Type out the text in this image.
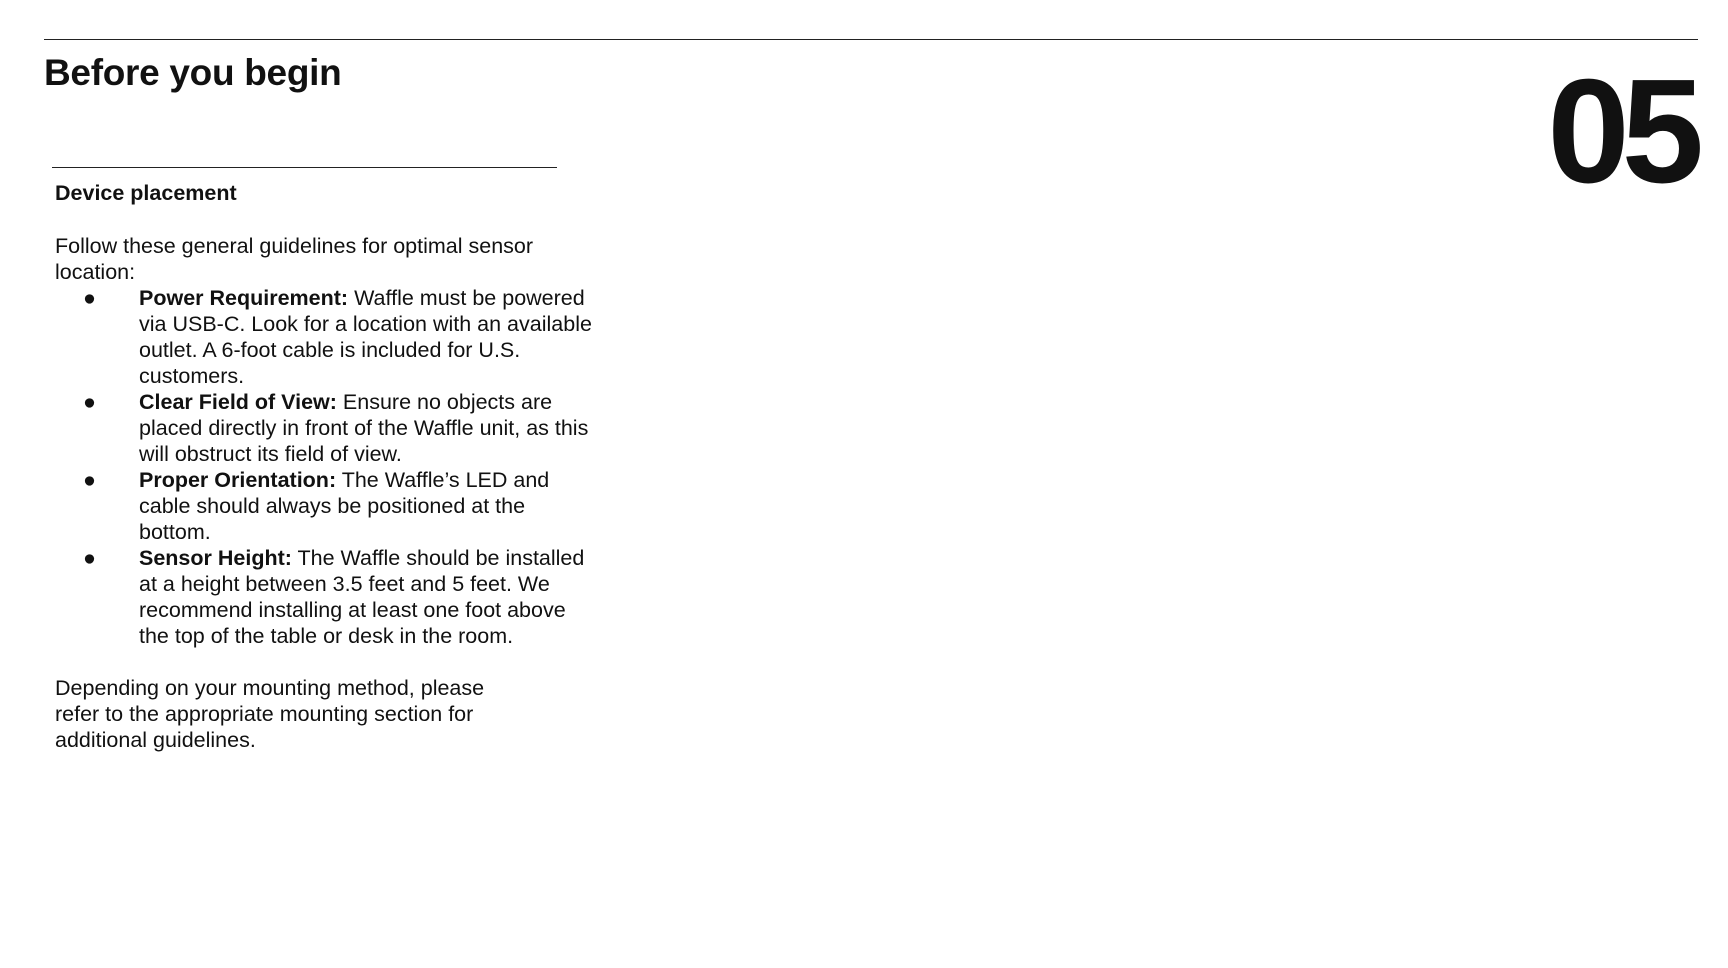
Before you begin	05
Device placement
Follow these general guidelines for optimal sensor location:
● Power Requirement: Waffle must be powered via USB-C. Look for a location with an available outlet. A 6-foot cable is included for U.S. customers.
● Clear Field of View: Ensure no objects are placed directly in front of the Waffle unit, as this will obstruct its field of view.
● Proper Orientation: The Waffle’s LED and cable should always be positioned at the bottom.
● Sensor Height: The Waffle should be installed at a height between 3.5 feet and 5 feet. We recommend installing at least one foot above the top of the table or desk in the room.
Depending on your mounting method, please refer to the appropriate mounting section for additional guidelines.
